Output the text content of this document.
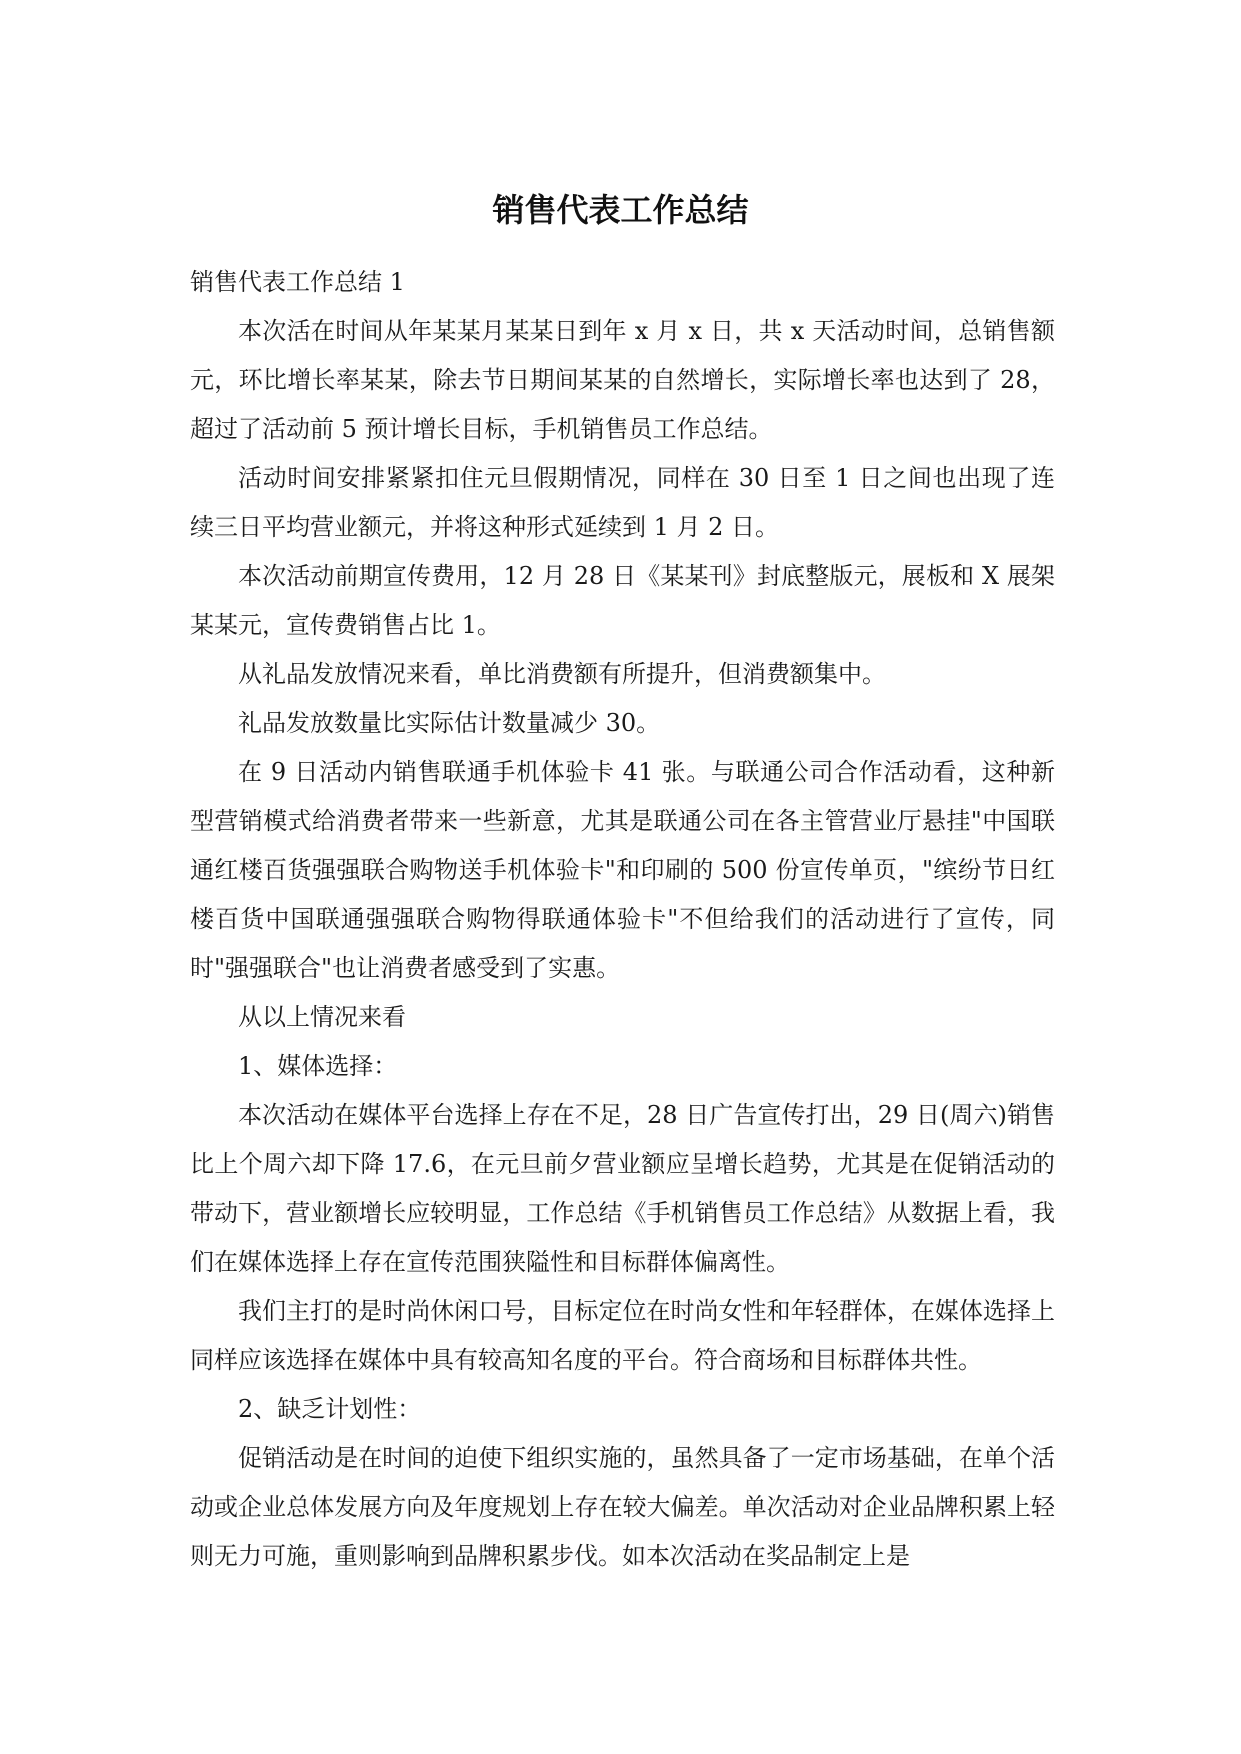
销售代表工作总结

销售代表工作总结 1

本次活在时间从年某某月某某日到年 x 月 x 日，共 x 天活动时间，总销售额元，环比增长率某某，除去节日期间某某的自然增长，实际增长率也达到了 28，超过了活动前 5 预计增长目标，手机销售员工作总结。

活动时间安排紧紧扣住元旦假期情况，同样在 30 日至 1 日之间也出现了连续三日平均营业额元，并将这种形式延续到 1 月 2 日。

本次活动前期宣传费用，12 月 28 日《某某刊》封底整版元，展板和 X 展架某某元，宣传费销售占比 1。

从礼品发放情况来看，单比消费额有所提升，但消费额集中。

礼品发放数量比实际估计数量减少 30。

在 9 日活动内销售联通手机体验卡 41 张。与联通公司合作活动看，这种新型营销模式给消费者带来一些新意，尤其是联通公司在各主管营业厅悬挂"中国联通红楼百货强强联合购物送手机体验卡"和印刷的 500 份宣传单页，"缤纷节日红楼百货中国联通强强联合购物得联通体验卡"不但给我们的活动进行了宣传，同时"强强联合"也让消费者感受到了实惠。

从以上情况来看

1、媒体选择：

本次活动在媒体平台选择上存在不足，28 日广告宣传打出，29 日(周六)销售比上个周六却下降 17.6，在元旦前夕营业额应呈增长趋势，尤其是在促销活动的带动下，营业额增长应较明显，工作总结《手机销售员工作总结》从数据上看，我们在媒体选择上存在宣传范围狭隘性和目标群体偏离性。

我们主打的是时尚休闲口号，目标定位在时尚女性和年轻群体，在媒体选择上同样应该选择在媒体中具有较高知名度的平台。符合商场和目标群体共性。

2、缺乏计划性：

促销活动是在时间的迫使下组织实施的，虽然具备了一定市场基础，在单个活动或企业总体发展方向及年度规划上存在较大偏差。单次活动对企业品牌积累上轻则无力可施，重则影响到品牌积累步伐。如本次活动在奖品制定上是
